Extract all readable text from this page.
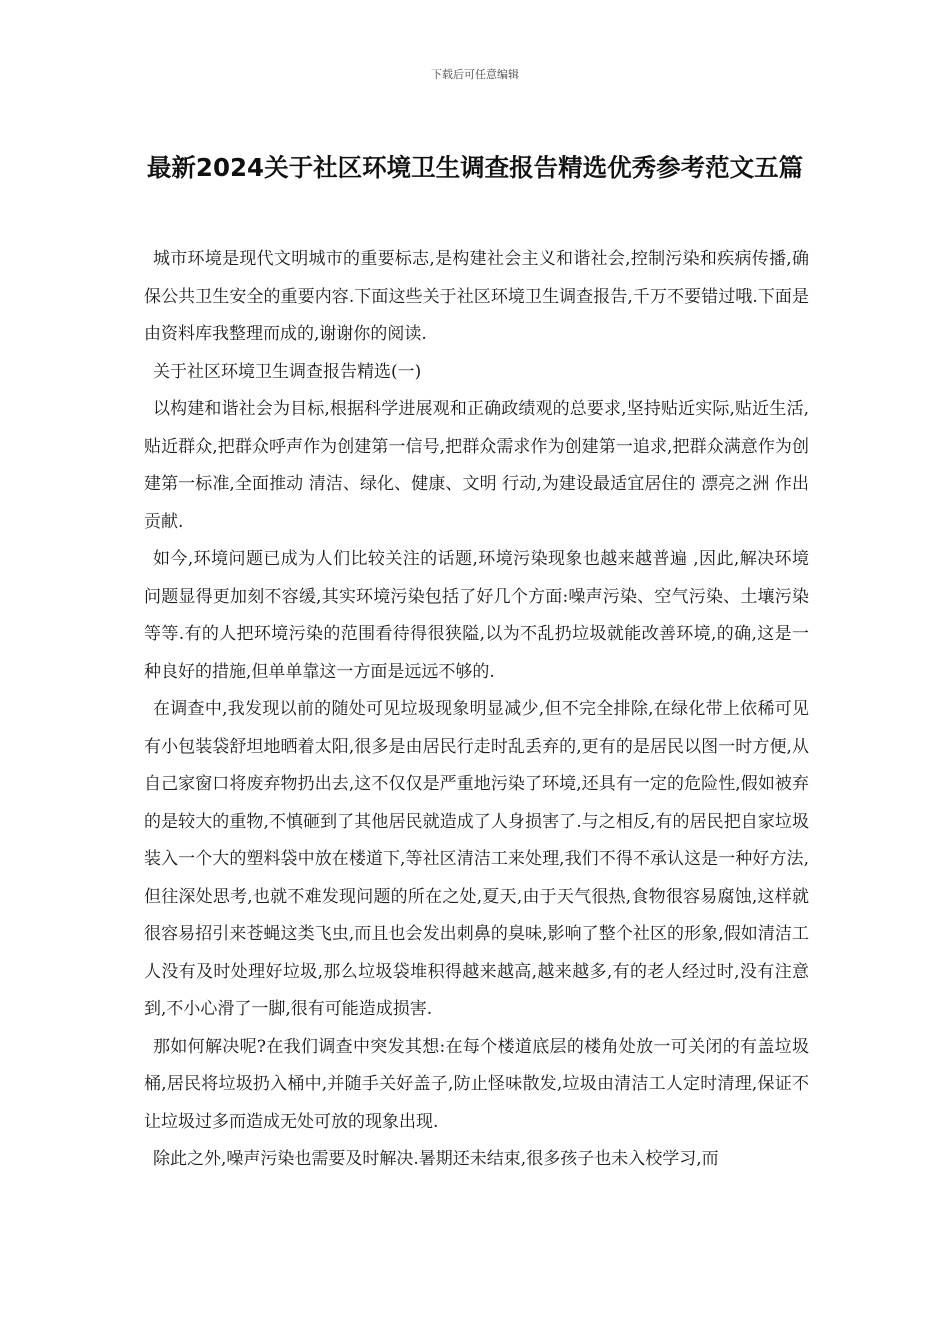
下载后可任意编辑
最新2024关于社区环境卫生调查报告精选优秀参考范文五篇

城市环境是现代文明城市的重要标志,是构建社会主义和谐社会,控制污染和疾病传播,确保公共卫生安全的重要内容.下面这些关于社区环境卫生调查报告,千万不要错过哦.下面是由资料库我整理而成的,谢谢你的阅读.

关于社区环境卫生调查报告精选(一)

以构建和谐社会为目标,根据科学进展观和正确政绩观的总要求,坚持贴近实际,贴近生活,贴近群众,把群众呼声作为创建第一信号,把群众需求作为创建第一追求,把群众满意作为创建第一标准,全面推动 清洁、绿化、健康、文明 行动,为建设最适宜居住的 漂亮之洲 作出贡献.

如今,环境问题已成为人们比较关注的话题,环境污染现象也越来越普遍 ,因此,解决环境问题显得更加刻不容缓,其实环境污染包括了好几个方面:噪声污染、空气污染、土壤污染等等.有的人把环境污染的范围看待得很狭隘,以为不乱扔垃圾就能改善环境,的确,这是一种良好的措施,但单单靠这一方面是远远不够的.

在调查中,我发现以前的随处可见垃圾现象明显减少,但不完全排除,在绿化带上依稀可见有小包装袋舒坦地晒着太阳,很多是由居民行走时乱丢弃的,更有的是居民以图一时方便,从自己家窗口将废弃物扔出去,这不仅仅是严重地污染了环境,还具有一定的危险性,假如被弃的是较大的重物,不慎砸到了其他居民就造成了人身损害了.与之相反,有的居民把自家垃圾装入一个大的塑料袋中放在楼道下,等社区清洁工来处理,我们不得不承认这是一种好方法,但往深处思考,也就不难发现问题的所在之处,夏天,由于天气很热,食物很容易腐蚀,这样就很容易招引来苍蝇这类飞虫,而且也会发出刺鼻的臭味,影响了整个社区的形象,假如清洁工人没有及时处理好垃圾,那么垃圾袋堆积得越来越高,越来越多,有的老人经过时,没有注意到,不小心滑了一脚,很有可能造成损害.

那如何解决呢?在我们调查中突发其想:在每个楼道底层的楼角处放一可关闭的有盖垃圾桶,居民将垃圾扔入桶中,并随手关好盖子,防止怪味散发,垃圾由清洁工人定时清理,保证不让垃圾过多而造成无处可放的现象出现.

除此之外,噪声污染也需要及时解决.暑期还未结束,很多孩子也未入校学习,而
